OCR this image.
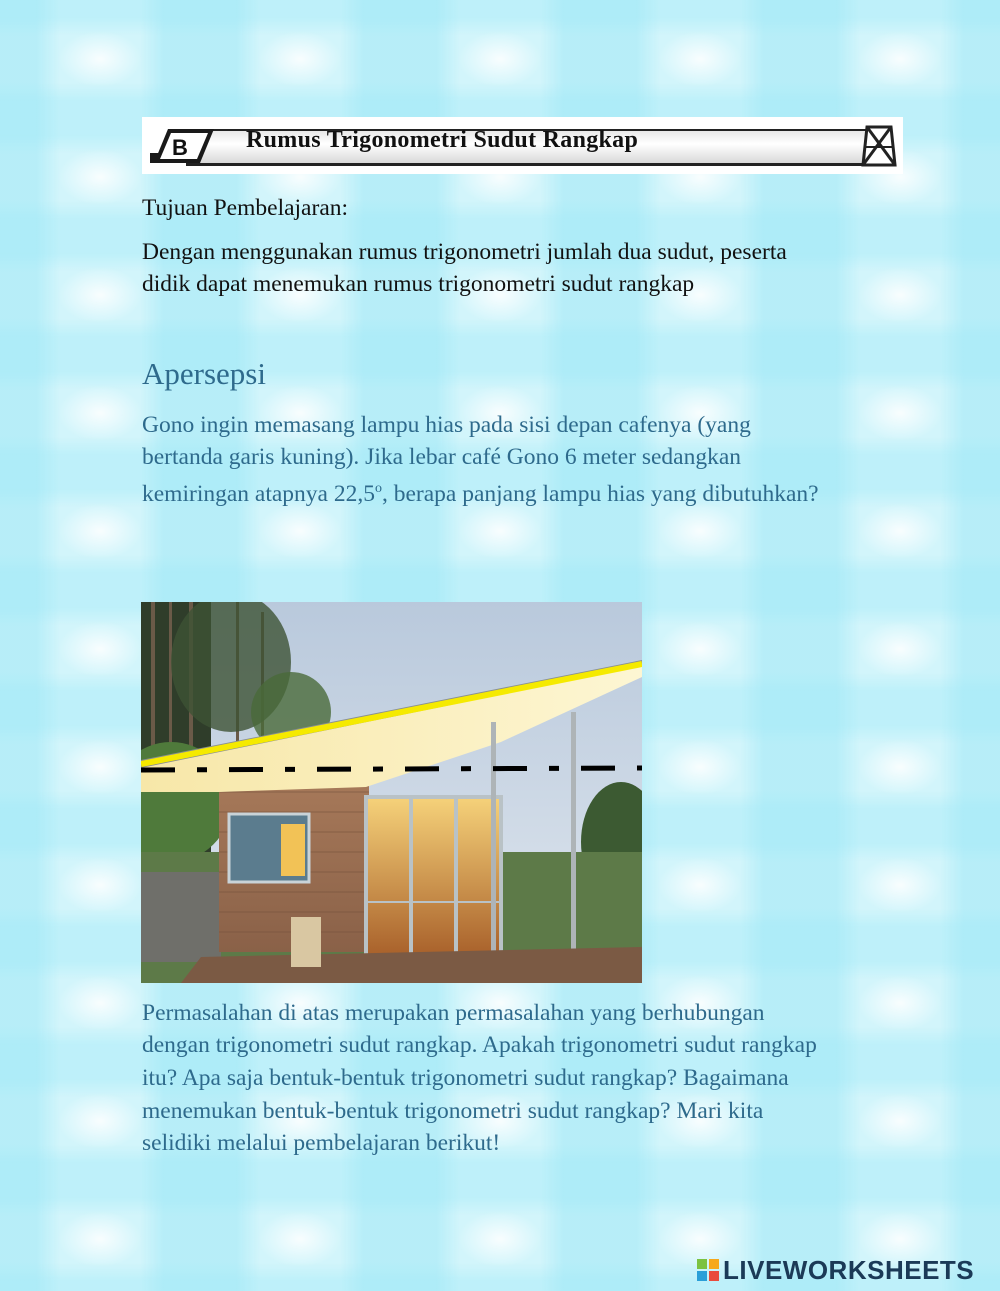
B Rumus Trigonometri Sudut Rangkap
Tujuan Pembelajaran:
Dengan menggunakan rumus trigonometri jumlah dua sudut, peserta
didik dapat menemukan rumus trigonometri sudut rangkap
Apersepsi
Gono ingin memasang lampu hias pada sisi depan cafenya (yang
bertanda garis kuning). Jika lebar café Gono 6 meter sedangkan
kemiringan atapnya 22,5$^o$, berapa panjang lampu hias yang dibutuhkan?
Permasalahan di atas merupakan permasalahan yang berhubungan
dengan trigonometri sudut rangkap. Apakah trigonometri sudut rangkap
itu? Apa saja bentuk-bentuk trigonometri sudut rangkap? Bagaimana
menemukan bentuk-bentuk trigonometri sudut rangkap? Mari kita
selidiki melalui pembelajaran berikut!
LIVEWORKSHEETS
